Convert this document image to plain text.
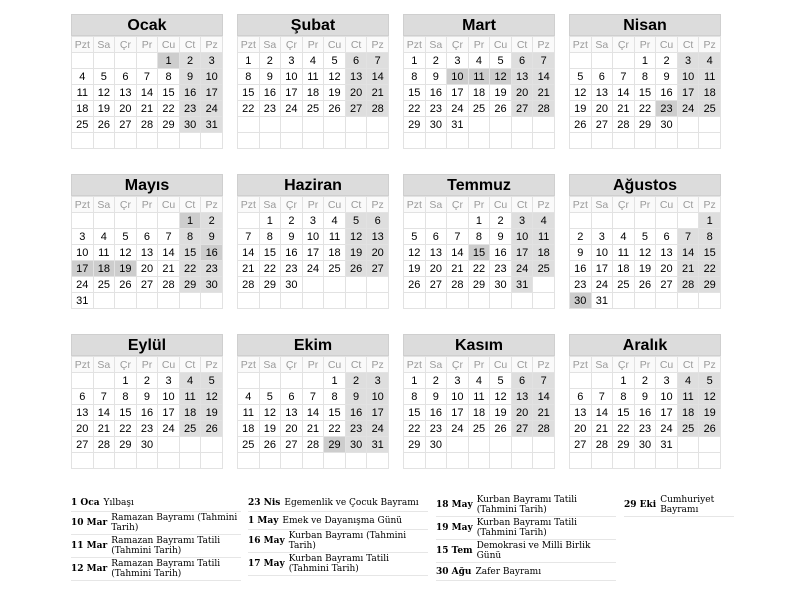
Ocak
Pzt	Sa	Çr	Pr	Cu	Ct	Pz
				1	2	3
4	5	6	7	8	9	10
11	12	13	14	15	16	17
18	19	20	21	22	23	24
25	26	27	28	29	30	31

Şubat
Pzt	Sa	Çr	Pr	Cu	Ct	Pz
1	2	3	4	5	6	7
8	9	10	11	12	13	14
15	16	17	18	19	20	21
22	23	24	25	26	27	28

Mart
Pzt	Sa	Çr	Pr	Cu	Ct	Pz
1	2	3	4	5	6	7
8	9	10	11	12	13	14
15	16	17	18	19	20	21
22	23	24	25	26	27	28
29	30	31				

Nisan
Pzt	Sa	Çr	Pr	Cu	Ct	Pz
			1	2	3	4
5	6	7	8	9	10	11
12	13	14	15	16	17	18
19	20	21	22	23	24	25
26	27	28	29	30		

Mayıs
Pzt	Sa	Çr	Pr	Cu	Ct	Pz
					1	2
3	4	5	6	7	8	9
10	11	12	13	14	15	16
17	18	19	20	21	22	23
24	25	26	27	28	29	30
31						
Haziran
Pzt	Sa	Çr	Pr	Cu	Ct	Pz
	1	2	3	4	5	6
7	8	9	10	11	12	13
14	15	16	17	18	19	20
21	22	23	24	25	26	27
28	29	30				

Temmuz
Pzt	Sa	Çr	Pr	Cu	Ct	Pz
			1	2	3	4
5	6	7	8	9	10	11
12	13	14	15	16	17	18
19	20	21	22	23	24	25
26	27	28	29	30	31	

Ağustos
Pzt	Sa	Çr	Pr	Cu	Ct	Pz
						1
2	3	4	5	6	7	8
9	10	11	12	13	14	15
16	17	18	19	20	21	22
23	24	25	26	27	28	29
30	31					
Eylül
Pzt	Sa	Çr	Pr	Cu	Ct	Pz
		1	2	3	4	5
6	7	8	9	10	11	12
13	14	15	16	17	18	19
20	21	22	23	24	25	26
27	28	29	30			

Ekim
Pzt	Sa	Çr	Pr	Cu	Ct	Pz
				1	2	3
4	5	6	7	8	9	10
11	12	13	14	15	16	17
18	19	20	21	22	23	24
25	26	27	28	29	30	31

Kasım
Pzt	Sa	Çr	Pr	Cu	Ct	Pz
1	2	3	4	5	6	7
8	9	10	11	12	13	14
15	16	17	18	19	20	21
22	23	24	25	26	27	28
29	30					

Aralık
Pzt	Sa	Çr	Pr	Cu	Ct	Pz
		1	2	3	4	5
6	7	8	9	10	11	12
13	14	15	16	17	18	19
20	21	22	23	24	25	26
27	28	29	30	31		

1 Oca Yılbaşı
10 Mar Ramazan Bayramı (Tahmini Tarih)
11 Mar Ramazan Bayramı Tatili (Tahmini Tarih)
12 Mar Ramazan Bayramı Tatili (Tahmini Tarih)
23 Nis Egemenlik ve Çocuk Bayramı
1 May Emek ve Dayanışma Günü
16 May Kurban Bayramı (Tahmini Tarih)
17 May Kurban Bayramı Tatili (Tahmini Tarih)
18 May Kurban Bayramı Tatili (Tahmini Tarih)
19 May Kurban Bayramı Tatili (Tahmini Tarih)
15 Tem Demokrasi ve Milli Birlik Günü
30 Ağu Zafer Bayramı
29 Eki Cumhuriyet Bayramı
